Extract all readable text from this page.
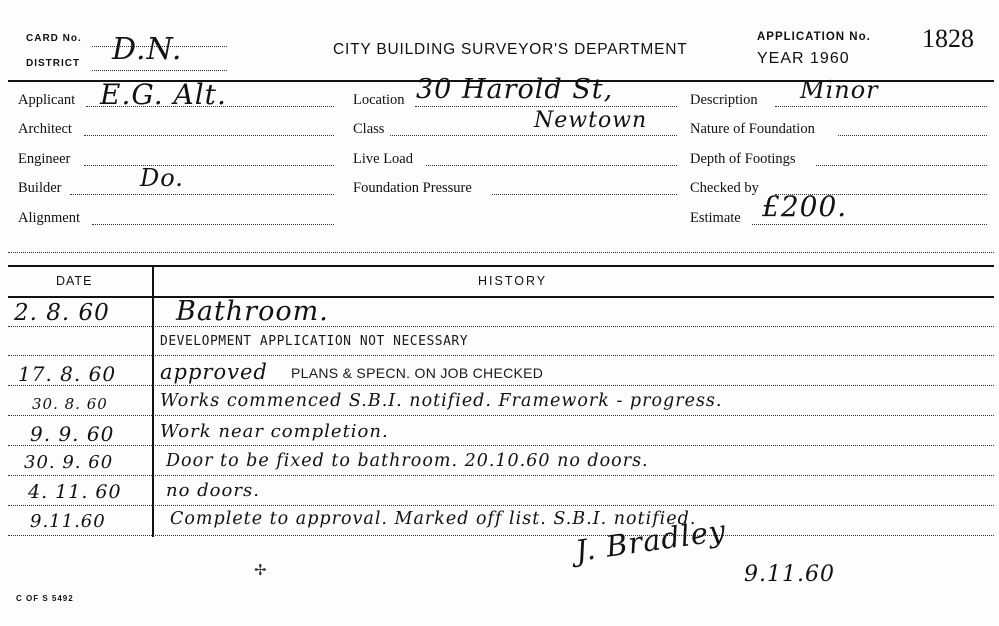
CARD No.
DISTRICT D.N.	CITY BUILDING SURVEYOR'S DEPARTMENT
APPLICATION No. 1828
YEAR 1960
Applicant E.G. Alt.
Architect
Engineer
Builder	Do.
Alignment
Location 30 Harold St,
Class	Newtown
Live Load
Foundation Pressure
Description Minor
Nature of Foundation
Depth of Footings
Checked by
Estimate £200.
DATE	HISTORY
2. 8. 60 Bathroom.
DEVELOPMENT APPLICATION NOT NECESSARY
17. 8. 60 approved PLANS & SPECN. ON JOB CHECKED
30. 8. 60	Works commenced S.B.I. notified. Framework - progress.
9. 9. 60	Work near completion.
30. 9. 60	Door to be fixed to bathroom. 20.10.60 no doors.
4. 11. 60 no doors.
9.11.60	Complete to approval. Marked off list. S.B.I. notified.
J. Bradley
9.11.60
✢
C OF S 5492
